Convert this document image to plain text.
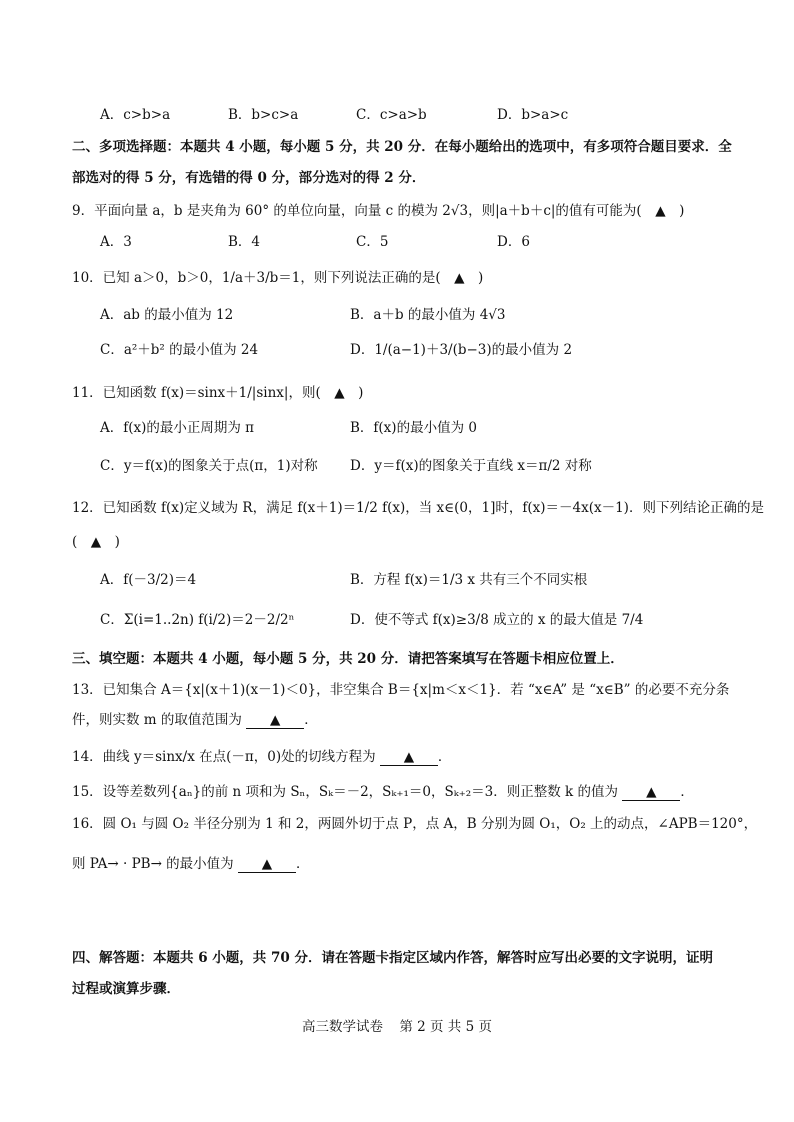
A．c>b>a	B．b>c>a	C．c>a>b	D．b>a>c
二、多项选择题：本题共 4 小题，每小题 5 分，共 20 分．在每小题给出的选项中，有多项符合题目要求．全
部选对的得 5 分，有选错的得 0 分，部分选对的得 2 分．
9．平面向量 a，b 是夹角为 60° 的单位向量，向量 c 的模为 2√3，则|a＋b＋c|的值有可能为(　▲　)
A．3	B．4	C．5	D．6
10．已知 a＞0，b＞0，1/a＋3/b＝1，则下列说法正确的是(　▲　)
A．ab 的最小值为 12	B．a＋b 的最小值为 4√3
C．a²＋b² 的最小值为 24	D．1/(a−1)＋3/(b−3)的最小值为 2
11．已知函数 f(x)＝sinx＋1/|sinx|，则(　▲　)
A．f(x)的最小正周期为 π	B．f(x)的最小值为 0
C．y＝f(x)的图象关于点(π，1)对称 D．y＝f(x)的图象关于直线 x＝π/2 对称
12．已知函数 f(x)定义域为 R，满足 f(x＋1)＝1/2 f(x)，当 x∈(0，1]时，f(x)＝－4x(x－1)．则下列结论正确的是
(　▲　)
A．f(－3/2)＝4	B．方程 f(x)＝1/3 x 共有三个不同实根
C．Σ(i=1..2n) f(i/2)＝2－2/2ⁿ	D．使不等式 f(x)≥3/8 成立的 x 的最大值是 7/4
三、填空题：本题共 4 小题，每小题 5 分，共 20 分．请把答案填写在答题卡相应位置上．
13．已知集合 A＝{x|(x＋1)(x－1)＜0}，非空集合 B＝{x|m＜x＜1}．若 “x∈A” 是 “x∈B” 的必要不充分条
件，则实数 m 的取值范围为 ▲ ．
14．曲线 y＝sinx/x 在点(－π，0)处的切线方程为 ▲ ．
15．设等差数列{aₙ}的前 n 项和为 Sₙ，Sₖ＝－2，Sₖ₊₁＝0，Sₖ₊₂＝3．则正整数 k 的值为 ▲ ．
16．圆 O₁ 与圆 O₂ 半径分别为 1 和 2，两圆外切于点 P，点 A，B 分别为圆 O₁，O₂ 上的动点，∠APB＝120°，
则 PA→ · PB→ 的最小值为 ▲ ．
四、解答题：本题共 6 小题，共 70 分．请在答题卡指定区域内作答，解答时应写出必要的文字说明，证明
过程或演算步骤．
高三数学试卷 第 2 页 共 5 页
